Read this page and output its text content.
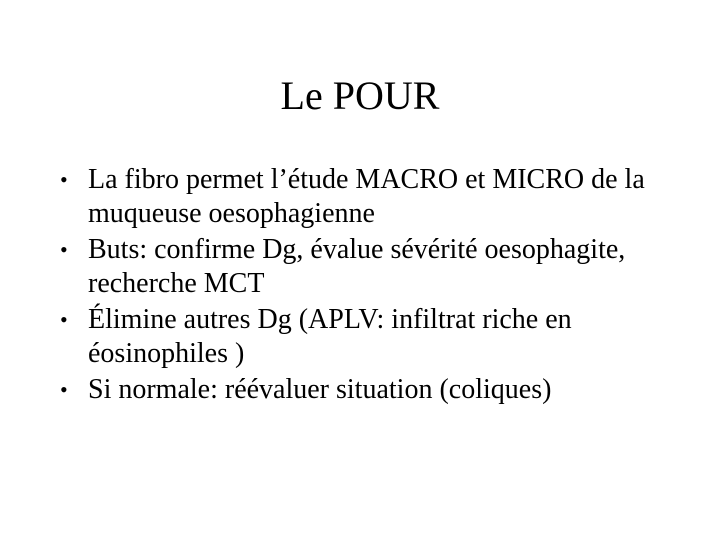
Le POUR
• La fibro permet l’étude MACRO et MICRO de la muqueuse oesophagienne
• Buts: confirme Dg, évalue sévérité oesophagite, recherche MCT
• Élimine autres Dg (APLV: infiltrat riche en éosinophiles )
• Si normale: réévaluer situation (coliques)
